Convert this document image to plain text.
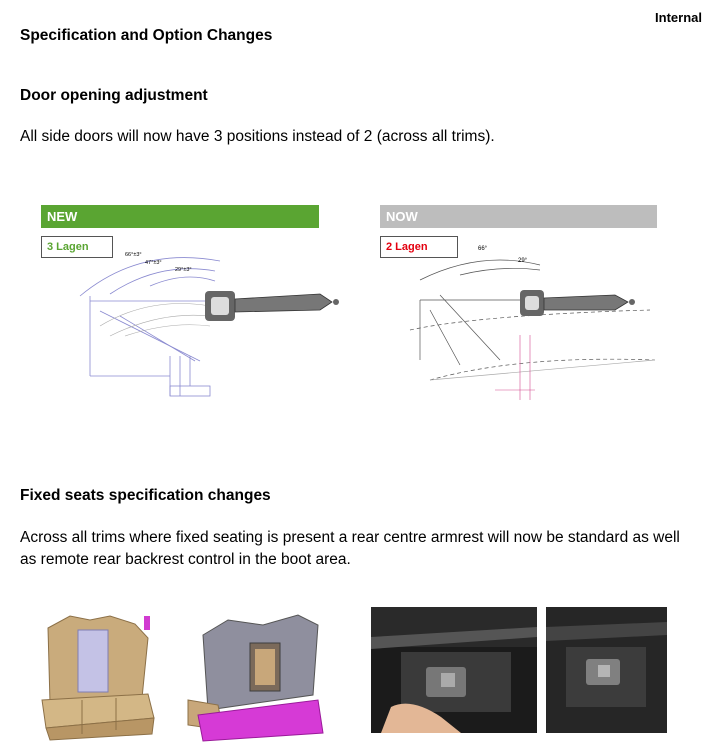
Internal
Specification and Option Changes
Door opening adjustment
All side doors will now have 3 positions instead of 2 (across all trims).
NEW
3 Lagen
66°±3°
47°±3°
29°±3°
NOW
2 Lagen	66°
29°
Fixed seats specification changes
Across all trims where fixed seating is present a rear centre armrest will now be standard as well as remote rear backrest control in the boot area.
